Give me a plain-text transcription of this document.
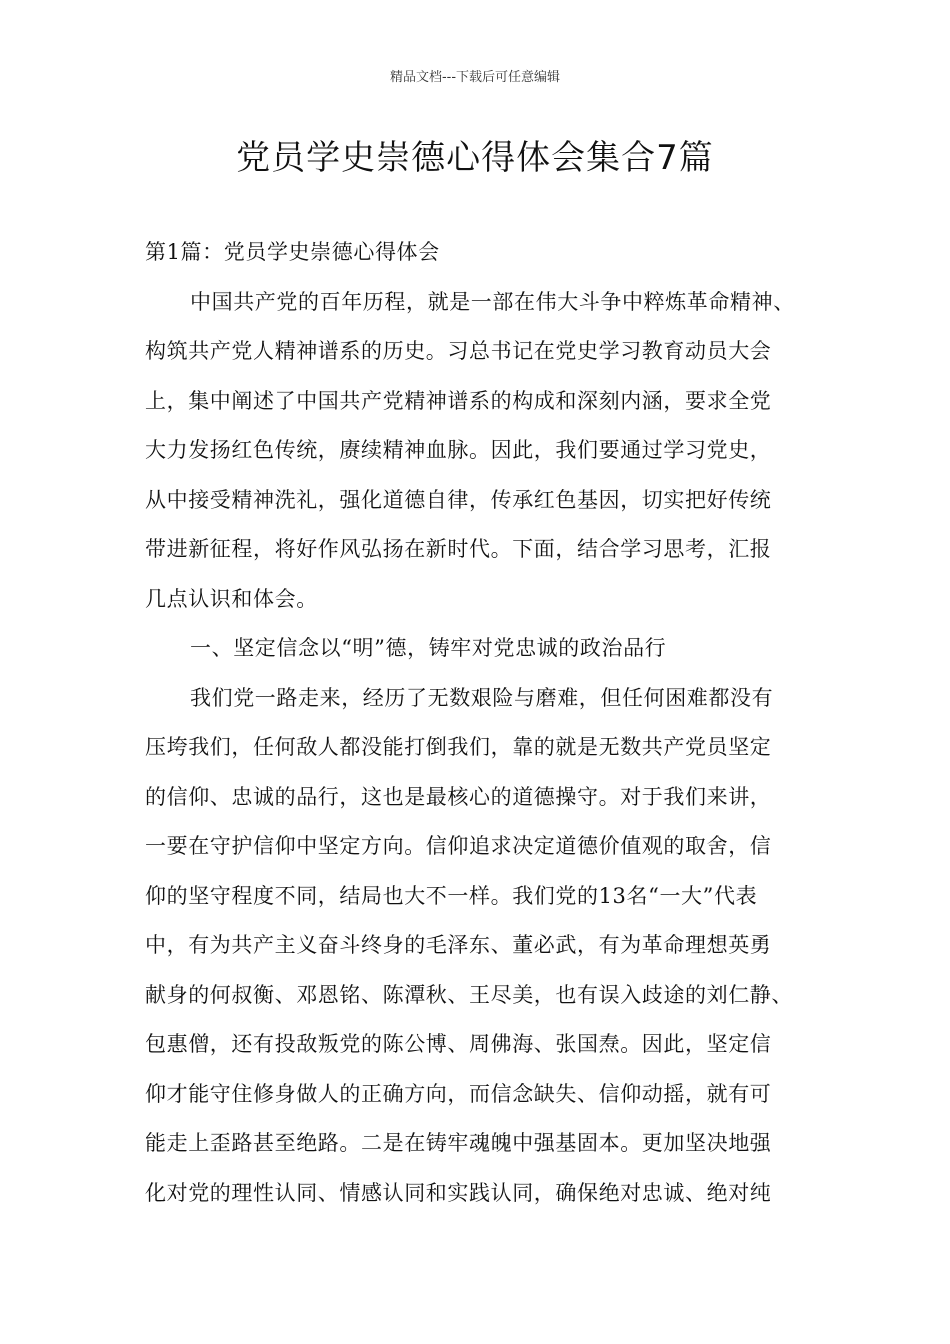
精品文档---下载后可任意编辑
党员学史崇德心得体会集合7篇
第1篇：党员学史崇德心得体会
中国共产党的百年历程，就是一部在伟大斗争中粹炼革命精神、
构筑共产党人精神谱系的历史。习总书记在党史学习教育动员大会
上，集中阐述了中国共产党精神谱系的构成和深刻内涵，要求全党
大力发扬红色传统，赓续精神血脉。因此，我们要通过学习党史，
从中接受精神洗礼，强化道德自律，传承红色基因，切实把好传统
带进新征程，将好作风弘扬在新时代。下面，结合学习思考，汇报
几点认识和体会。
一、坚定信念以“明”德，铸牢对党忠诚的政治品行
我们党一路走来，经历了无数艰险与磨难，但任何困难都没有
压垮我们，任何敌人都没能打倒我们，靠的就是无数共产党员坚定
的信仰、忠诚的品行，这也是最核心的道德操守。对于我们来讲，
一要在守护信仰中坚定方向。信仰追求决定道德价值观的取舍，信
仰的坚守程度不同，结局也大不一样。我们党的13名“一大”代表
中，有为共产主义奋斗终身的毛泽东、董必武，有为革命理想英勇
献身的何叔衡、邓恩铭、陈潭秋、王尽美，也有误入歧途的刘仁静、
包惠僧，还有投敌叛党的陈公博、周佛海、张国焘。因此，坚定信
仰才能守住修身做人的正确方向，而信念缺失、信仰动摇，就有可
能走上歪路甚至绝路。二是在铸牢魂魄中强基固本。更加坚决地强
化对党的理性认同、情感认同和实践认同，确保绝对忠诚、绝对纯
